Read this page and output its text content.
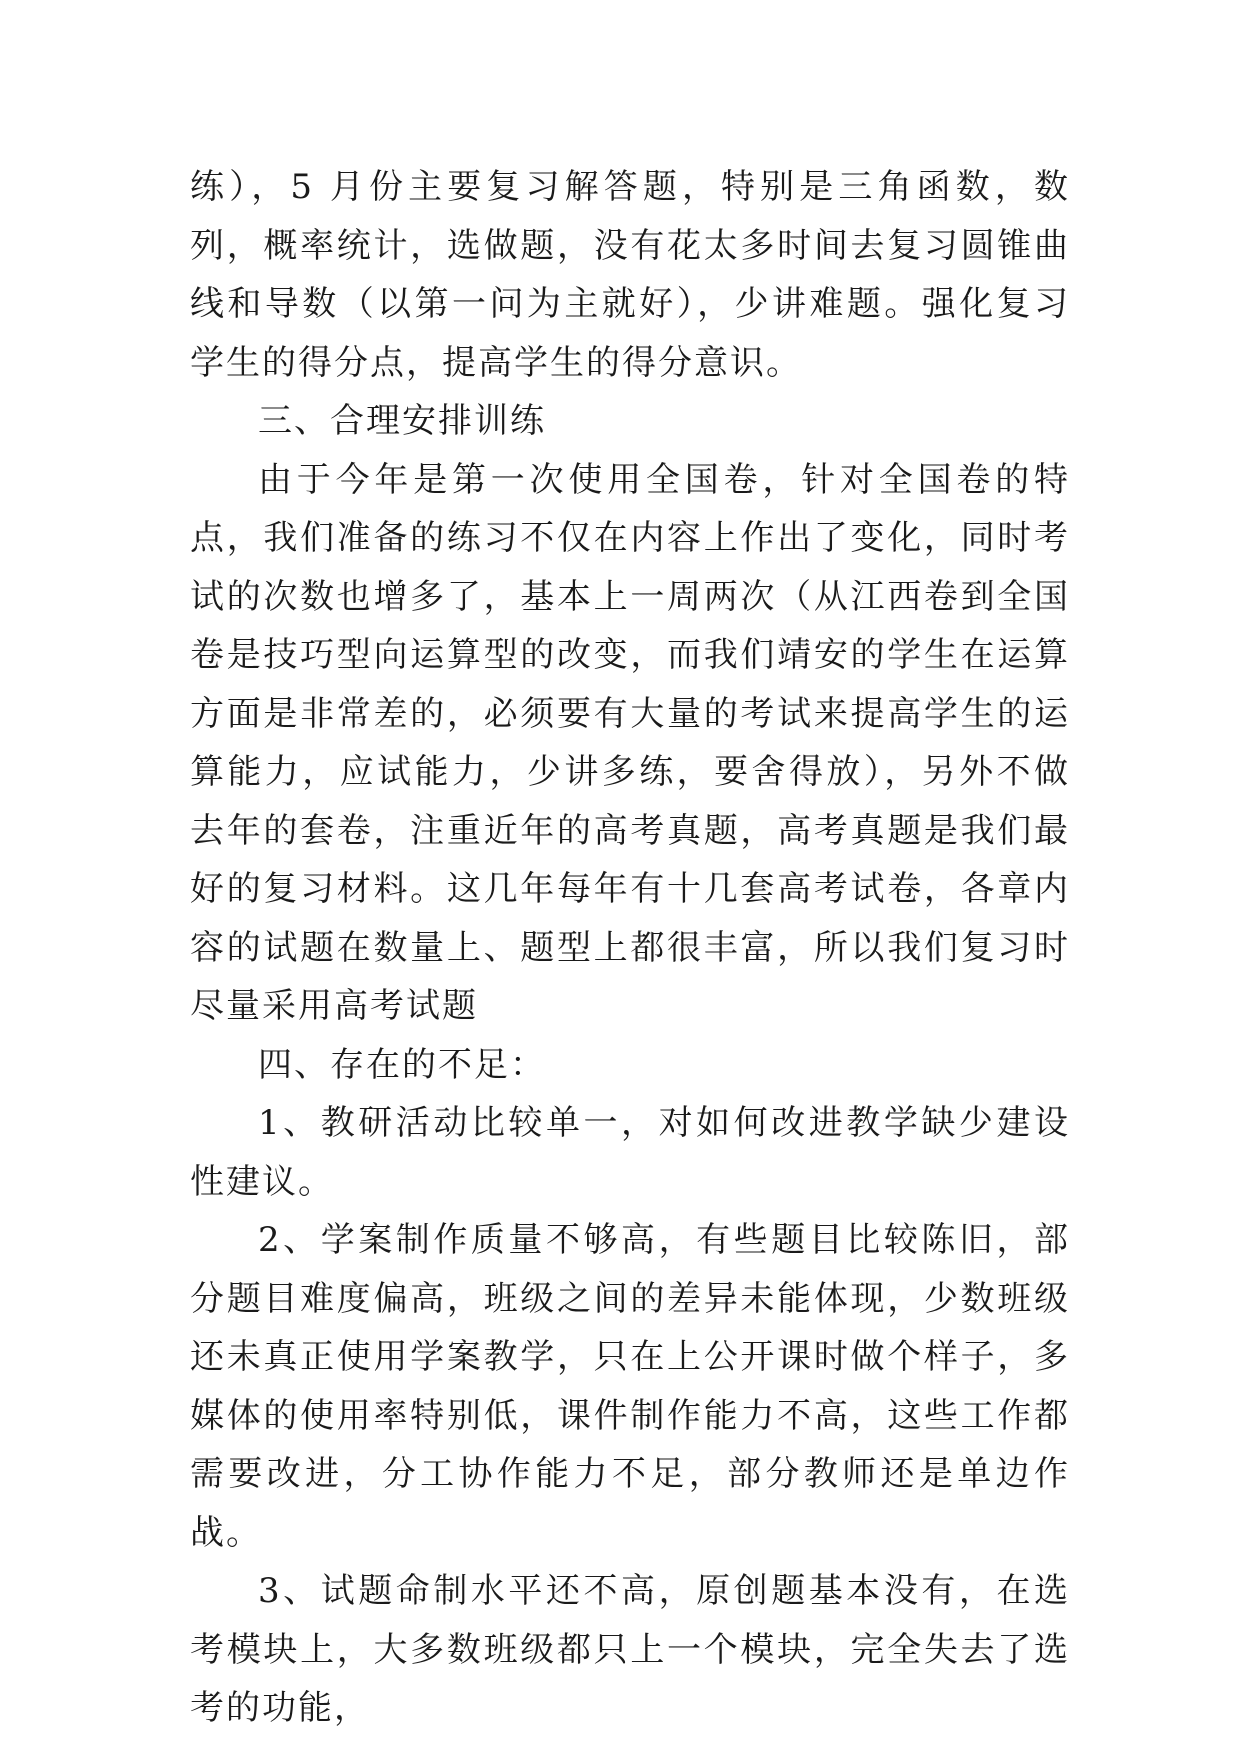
练），5 月份主要复习解答题，特别是三角函数，数列，概率统计，选做题，没有花太多时间去复习圆锥曲线和导数（以第一问为主就好），少讲难题。强化复习学生的得分点，提高学生的得分意识。

三、合理安排训练

由于今年是第一次使用全国卷，针对全国卷的特点，我们准备的练习不仅在内容上作出了变化，同时考试的次数也增多了，基本上一周两次（从江西卷到全国卷是技巧型向运算型的改变，而我们靖安的学生在运算方面是非常差的，必须要有大量的考试来提高学生的运算能力，应试能力，少讲多练，要舍得放），另外不做去年的套卷，注重近年的高考真题，高考真题是我们最好的复习材料。这几年每年有十几套高考试卷，各章内容的试题在数量上、题型上都很丰富，所以我们复习时尽量采用高考试题

四、存在的不足：

1、教研活动比较单一，对如何改进教学缺少建设性建议。

2、学案制作质量不够高，有些题目比较陈旧，部分题目难度偏高，班级之间的差异未能体现，少数班级还未真正使用学案教学，只在上公开课时做个样子，多媒体的使用率特别低，课件制作能力不高，这些工作都需要改进，分工协作能力不足，部分教师还是单边作战。

3、试题命制水平还不高，原创题基本没有，在选考模块上，大多数班级都只上一个模块，完全失去了选考的功能，
